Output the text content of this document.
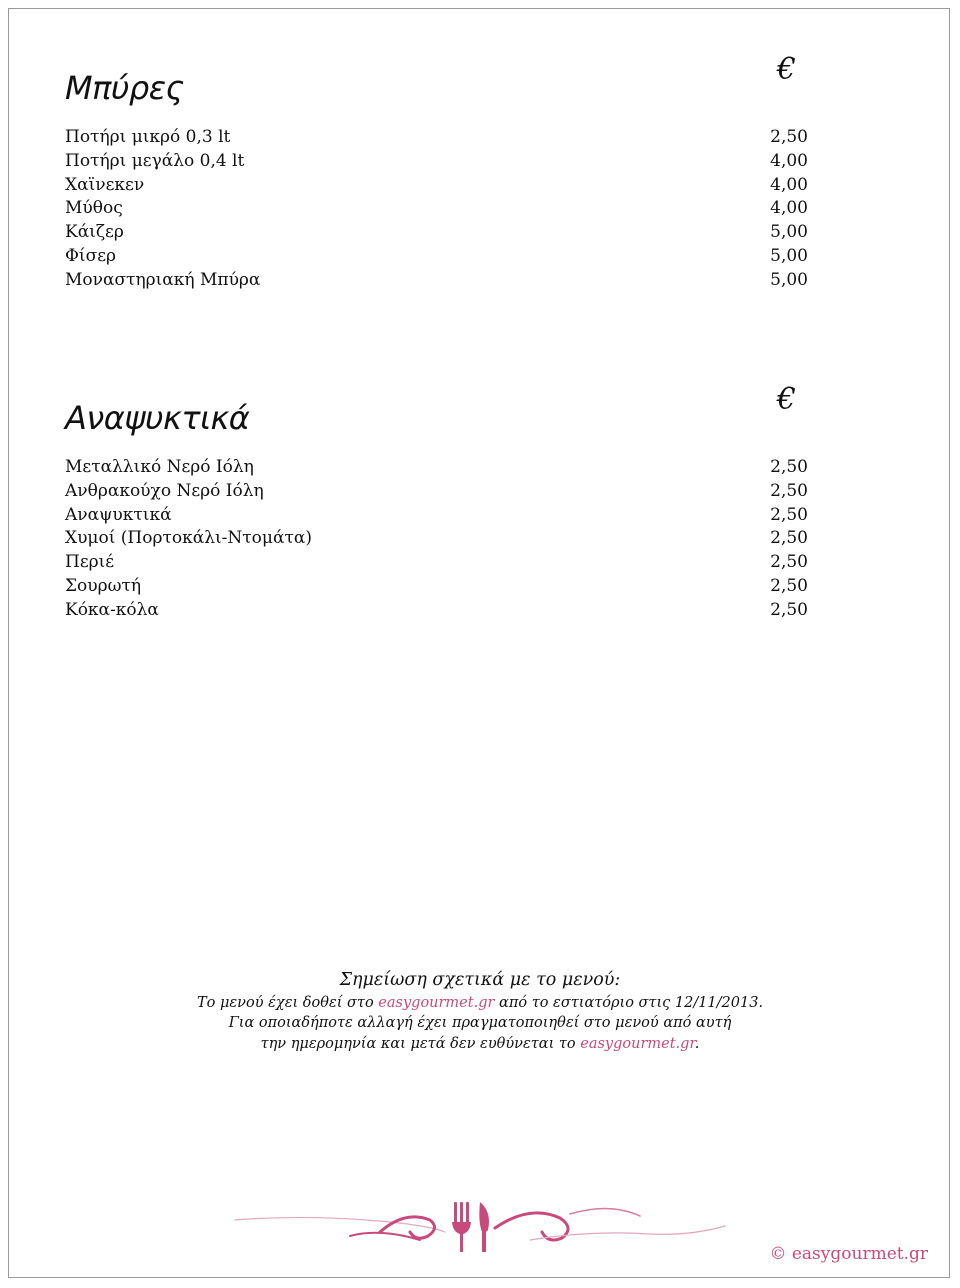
Μπύρες	€
Ποτήρι μικρό 0,3 lt	2,50
Ποτήρι μεγάλο 0,4 lt	4,00
Χαϊνεκεν	4,00
Μύθος	4,00
Κάιζερ	5,00
Φίσερ	5,00
Μοναστηριακή Μπύρα	5,00
Αναψυκτικά	€
Μεταλλικό Νερό Ιόλη	2,50
Ανθρακούχο Νερό Ιόλη	2,50
Αναψυκτικά	2,50
Χυμοί (Πορτοκάλι-Ντομάτα)	2,50
Περιέ	2,50
Σουρωτή	2,50
Κόκα-κόλα	2,50
Σημείωση σχετικά με το μενού:
Το μενού έχει δοθεί στο easygourmet.gr από το εστιατόριο στις 12/11/2013.
Για οποιαδήποτε αλλαγή έχει πραγματοποιηθεί στο μενού από αυτή
την ημερομηνία και μετά δεν ευθύνεται το easygourmet.gr.
© easygourmet.gr
